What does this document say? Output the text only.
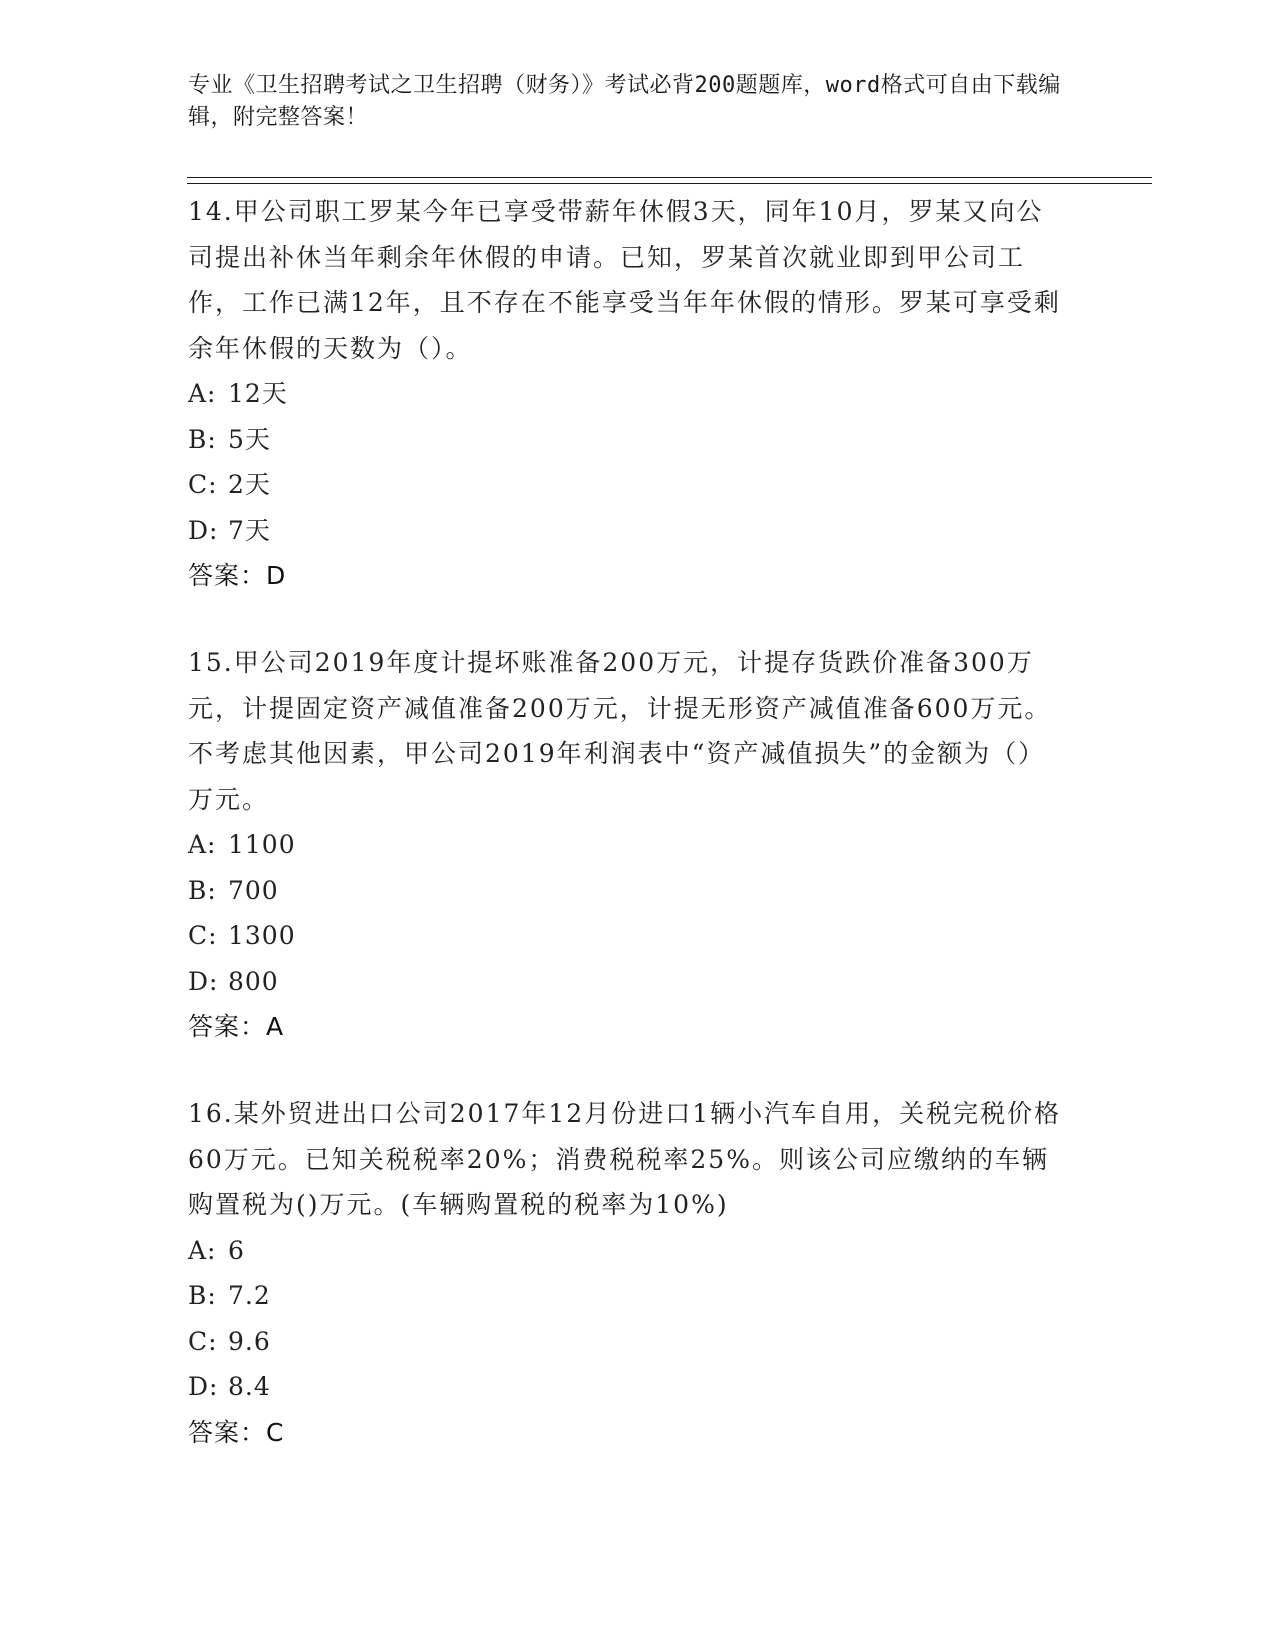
专业《卫生招聘考试之卫生招聘（财务）》考试必背200题题库，word格式可自由下载编辑，附完整答案！

14.甲公司职工罗某今年已享受带薪年休假3天，同年10月，罗某又向公司提出补休当年剩余年休假的申请。已知，罗某首次就业即到甲公司工作，工作已满12年，且不存在不能享受当年年休假的情形。罗某可享受剩余年休假的天数为（）。

A: 12天

B: 5天

C: 2天

D: 7天

答案：D

15.甲公司2019年度计提坏账准备200万元，计提存货跌价准备300万元，计提固定资产减值准备200万元，计提无形资产减值准备600万元。不考虑其他因素，甲公司2019年利润表中“资产减值损失”的金额为（）万元。

A: 1100

B: 700

C: 1300

D: 800

答案：A

16.某外贸进出口公司2017年12月份进口1辆小汽车自用，关税完税价格60万元。已知关税税率20%；消费税税率25%。则该公司应缴纳的车辆购置税为()万元。(车辆购置税的税率为10%)

A: 6

B: 7.2

C: 9.6

D: 8.4

答案：C
